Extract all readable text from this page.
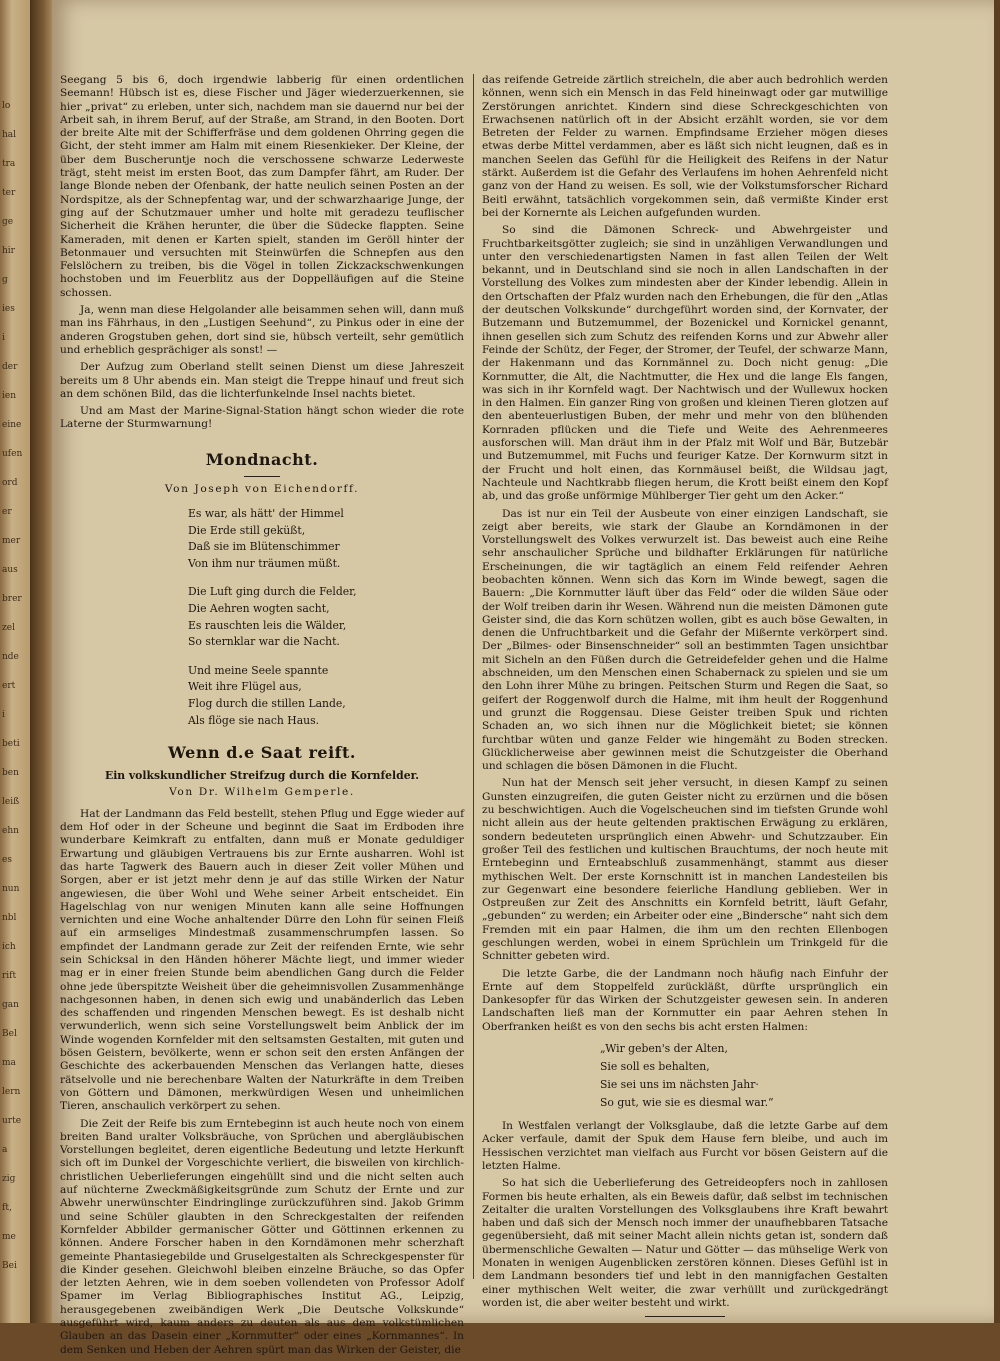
lo
hal
tra
ter
ge
hir
g
ies
i
der
ien
eine
ufen
ord
er
mer
aus
brer
zel
nde
ert
i
beti
ben
leiß
ehn
es
nun
nbl
ich
rift
gan
Bel
ma
lern
urte
a
zig
ft,
me
Bei

Seegang 5 bis 6, doch irgendwie labberig für einen ordentlichen Seemann! Hübsch ist es, diese Fischer und Jäger wiederzuerkennen, sie hier „privat“ zu erleben, unter sich, nachdem man sie dauernd nur bei der Arbeit sah, in ihrem Beruf, auf der Straße, am Strand, in den Booten. Dort der breite Alte mit der Schifferfräse und dem goldenen Ohrring gegen die Gicht, der steht immer am Halm mit einem Riesenkieker. Der Kleine, der über dem Buscheruntje noch die verschossene schwarze Lederweste trägt, steht meist im ersten Boot, das zum Dampfer fährt, am Ruder. Der lange Blonde neben der Ofenbank, der hatte neulich seinen Posten an der Nordspitze, als der Schnepfentag war, und der schwarzhaarige Junge, der ging auf der Schutzmauer umher und holte mit geradezu teuflischer Sicherheit die Krähen herunter, die über die Südecke flappten. Seine Kameraden, mit denen er Karten spielt, standen im Geröll hinter der Betonmauer und versuchten mit Steinwürfen die Schnepfen aus den Felslöchern zu treiben, bis die Vögel in tollen Zickzackschwenkungen hochstoben und im Feuerblitz aus der Doppelläufigen auf die Steine schossen.

Ja, wenn man diese Helgolander alle beisammen sehen will, dann muß man ins Fährhaus, in den „Lustigen Seehund“, zu Pinkus oder in eine der anderen Grogstuben gehen, dort sind sie, hübsch verteilt, sehr gemütlich und erheblich gesprächiger als sonst! —

Der Aufzug zum Oberland stellt seinen Dienst um diese Jahreszeit bereits um 8 Uhr abends ein. Man steigt die Treppe hinauf und freut sich an dem schönen Bild, das die lichterfunkelnde Insel nachts bietet.

Und am Mast der Marine-Signal-Station hängt schon wieder die rote Laterne der Sturmwarnung!

Mondnacht.
Von Joseph von Eichendorff.
Es war, als hätt' der Himmel
Die Erde still geküßt,
Daß sie im Blütenschimmer
Von ihm nur träumen müßt.
Die Luft ging durch die Felder,
Die Aehren wogten sacht,
Es rauschten leis die Wälder,
So sternklar war die Nacht.
Und meine Seele spannte
Weit ihre Flügel aus,
Flog durch die stillen Lande,
Als flöge sie nach Haus.
Wenn d.e Saat reift.
Ein volkskundlicher Streifzug durch die Kornfelder.
Von Dr. Wilhelm Gemperle.

Hat der Landmann das Feld bestellt, stehen Pflug und Egge wieder auf dem Hof oder in der Scheune und beginnt die Saat im Erdboden ihre wunderbare Keimkraft zu entfalten, dann muß er Monate geduldiger Erwartung und gläubigen Vertrauens bis zur Ernte ausharren. Wohl ist das harte Tagwerk des Bauern auch in dieser Zeit voller Mühen und Sorgen, aber er ist jetzt mehr denn je auf das stille Wirken der Natur angewiesen, die über Wohl und Wehe seiner Arbeit entscheidet. Ein Hagelschlag von nur wenigen Minuten kann alle seine Hoffnungen vernichten und eine Woche anhaltender Dürre den Lohn für seinen Fleiß auf ein armseliges Mindestmaß zusammenschrumpfen lassen. So empfindet der Landmann gerade zur Zeit der reifenden Ernte, wie sehr sein Schicksal in den Händen höherer Mächte liegt, und immer wieder mag er in einer freien Stunde beim abendlichen Gang durch die Felder ohne jede überspitzte Weisheit über die geheimnisvollen Zusammenhänge nachgesonnen haben, in denen sich ewig und unabänderlich das Leben des schaffenden und ringenden Menschen bewegt. Es ist deshalb nicht verwunderlich, wenn sich seine Vorstellungswelt beim Anblick der im Winde wogenden Kornfelder mit den seltsamsten Gestalten, mit guten und bösen Geistern, bevölkerte, wenn er schon seit den ersten Anfängen der Geschichte des ackerbauenden Menschen das Verlangen hatte, dieses rätselvolle und nie berechenbare Walten der Naturkräfte in dem Treiben von Göttern und Dämonen, merkwürdigen Wesen und unheimlichen Tieren, anschaulich verkörpert zu sehen.

Die Zeit der Reife bis zum Erntebeginn ist auch heute noch von einem breiten Band uralter Volksbräuche, von Sprüchen und abergläubischen Vorstellungen begleitet, deren eigentliche Bedeutung und letzte Herkunft sich oft im Dunkel der Vorgeschichte verliert, die bisweilen von kirchlich-christlichen Ueberlieferungen eingehüllt sind und die nicht selten auch auf nüchterne Zweckmäßigkeitsgründe zum Schutz der Ernte und zur Abwehr unerwünschter Eindringlinge zurückzuführen sind. Jakob Grimm und seine Schüler glaubten in den Schreckgestalten der reifenden Kornfelder Abbilder germanischer Götter und Göttinnen erkennen zu können. Andere Forscher haben in den Korndämonen mehr scherzhaft gemeinte Phantasiegebilde und Gruselgestalten als Schreckgespenster für die Kinder gesehen. Gleichwohl bleiben einzelne Bräuche, so das Opfer der letzten Aehren, wie in dem soeben vollendeten von Professor Adolf Spamer im Verlag Bibliographisches Institut AG., Leipzig, herausgegebenen zweibändigen Werk „Die Deutsche Volkskunde“ ausgeführt wird, kaum anders zu deuten als aus dem volkstümlichen Glauben an das Dasein einer „Kornmutter“ oder eines „Kornmannes“. In dem Senken und Heben der Aehren spürt man das Wirken der Geister, die

das reifende Getreide zärtlich streicheln, die aber auch bedrohlich werden können, wenn sich ein Mensch in das Feld hineinwagt oder gar mutwillige Zerstörungen anrichtet. Kindern sind diese Schreckgeschichten von Erwachsenen natürlich oft in der Absicht erzählt worden, sie vor dem Betreten der Felder zu warnen. Empfindsame Erzieher mögen dieses etwas derbe Mittel verdammen, aber es läßt sich nicht leugnen, daß es in manchen Seelen das Gefühl für die Heiligkeit des Reifens in der Natur stärkt. Außerdem ist die Gefahr des Verlaufens im hohen Aehrenfeld nicht ganz von der Hand zu weisen. Es soll, wie der Volkstumsforscher Richard Beitl erwähnt, tatsächlich vorgekommen sein, daß vermißte Kinder erst bei der Kornernte als Leichen aufgefunden wurden.

So sind die Dämonen Schreck- und Abwehrgeister und Fruchtbarkeitsgötter zugleich; sie sind in unzähligen Verwandlungen und unter den verschiedenartigsten Namen in fast allen Teilen der Welt bekannt, und in Deutschland sind sie noch in allen Landschaften in der Vorstellung des Volkes zum mindesten aber der Kinder lebendig. Allein in den Ortschaften der Pfalz wurden nach den Erhebungen, die für den „Atlas der deutschen Volkskunde“ durchgeführt worden sind, der Kornvater, der Butzemann und Butzemummel, der Bozenickel und Kornickel genannt, ihnen gesellen sich zum Schutz des reifenden Korns und zur Abwehr aller Feinde der Schütz, der Feger, der Stromer, der Teufel, der schwarze Mann, der Hakenmann und das Kornmännel zu. Doch nicht genug: „Die Kornmutter, die Alt, die Nachtmutter, die Hex und die lange Els fangen, was sich in ihr Kornfeld wagt. Der Nachtwisch und der Wullewux hocken in den Halmen. Ein ganzer Ring von großen und kleinen Tieren glotzen auf den abenteuerlustigen Buben, der mehr und mehr von den blühenden Kornraden pflücken und die Tiefe und Weite des Aehrenmeeres ausforschen will. Man dräut ihm in der Pfalz mit Wolf und Bär, Butzebär und Butzemummel, mit Fuchs und feuriger Katze. Der Kornwurm sitzt in der Frucht und holt einen, das Kornmäusel beißt, die Wildsau jagt, Nachteule und Nachtkrabb fliegen herum, die Krott beißt einem den Kopf ab, und das große unförmige Mühlberger Tier geht um den Acker.“

Das ist nur ein Teil der Ausbeute von einer einzigen Landschaft, sie zeigt aber bereits, wie stark der Glaube an Korndämonen in der Vorstellungswelt des Volkes verwurzelt ist. Das beweist auch eine Reihe sehr anschaulicher Sprüche und bildhafter Erklärungen für natürliche Erscheinungen, die wir tagtäglich an einem Feld reifender Aehren beobachten können. Wenn sich das Korn im Winde bewegt, sagen die Bauern: „Die Kornmutter läuft über das Feld“ oder die wilden Säue oder der Wolf treiben darin ihr Wesen. Während nun die meisten Dämonen gute Geister sind, die das Korn schützen wollen, gibt es auch böse Gewalten, in denen die Unfruchtbarkeit und die Gefahr der Mißernte verkörpert sind. Der „Bilmes- oder Binsenschneider“ soll an bestimmten Tagen unsichtbar mit Sicheln an den Füßen durch die Getreidefelder gehen und die Halme abschneiden, um den Menschen einen Schabernack zu spielen und sie um den Lohn ihrer Mühe zu bringen. Peitschen Sturm und Regen die Saat, so geifert der Roggenwolf durch die Halme, mit ihm heult der Roggenhund und grunzt die Roggensau. Diese Geister treiben Spuk und richten Schaden an, wo sich ihnen nur die Möglichkeit bietet; sie können furchtbar wüten und ganze Felder wie hingemäht zu Boden strecken. Glücklicherweise aber gewinnen meist die Schutzgeister die Oberhand und schlagen die bösen Dämonen in die Flucht.

Nun hat der Mensch seit jeher versucht, in diesen Kampf zu seinen Gunsten einzugreifen, die guten Geister nicht zu erzürnen und die bösen zu beschwichtigen. Auch die Vogelscheuchen sind im tiefsten Grunde wohl nicht allein aus der heute geltenden praktischen Erwägung zu erklären, sondern bedeuteten ursprünglich einen Abwehr- und Schutzzauber. Ein großer Teil des festlichen und kultischen Brauchtums, der noch heute mit Erntebeginn und Ernteabschluß zusammenhängt, stammt aus dieser mythischen Welt. Der erste Kornschnitt ist in manchen Landesteilen bis zur Gegenwart eine besondere feierliche Handlung geblieben. Wer in Ostpreußen zur Zeit des Anschnitts ein Kornfeld betritt, läuft Gefahr, „gebunden“ zu werden; ein Arbeiter oder eine „Bindersche“ naht sich dem Fremden mit ein paar Halmen, die ihm um den rechten Ellenbogen geschlungen werden, wobei in einem Sprüchlein um Trinkgeld für die Schnitter gebeten wird.

Die letzte Garbe, die der Landmann noch häufig nach Einfuhr der Ernte auf dem Stoppelfeld zurückläßt, dürfte ursprünglich ein Dankesopfer für das Wirken der Schutzgeister gewesen sein. In anderen Landschaften ließ man der Kornmutter ein paar Aehren stehen In Oberfranken heißt es von den sechs bis acht ersten Halmen:

„Wir geben's der Alten,
Sie soll es behalten,
Sie sei uns im nächsten Jahr·
So gut, wie sie es diesmal war.“

In Westfalen verlangt der Volksglaube, daß die letzte Garbe auf dem Acker verfaule, damit der Spuk dem Hause fern bleibe, und auch im Hessischen verzichtet man vielfach aus Furcht vor bösen Geistern auf die letzten Halme.

So hat sich die Ueberlieferung des Getreideopfers noch in zahllosen Formen bis heute erhalten, als ein Beweis dafür, daß selbst im technischen Zeitalter die uralten Vorstellungen des Volksglaubens ihre Kraft bewahrt haben und daß sich der Mensch noch immer der unaufhebbaren Tatsache gegenübersieht, daß mit seiner Macht allein nichts getan ist, sondern daß übermenschliche Gewalten — Natur und Götter — das mühselige Werk von Monaten in wenigen Augenblicken zerstören können. Dieses Gefühl ist in dem Landmann besonders tief und lebt in den mannigfachen Gestalten einer mythischen Welt weiter, die zwar verhüllt und zurückgedrängt worden ist, die aber weiter besteht und wirkt.
